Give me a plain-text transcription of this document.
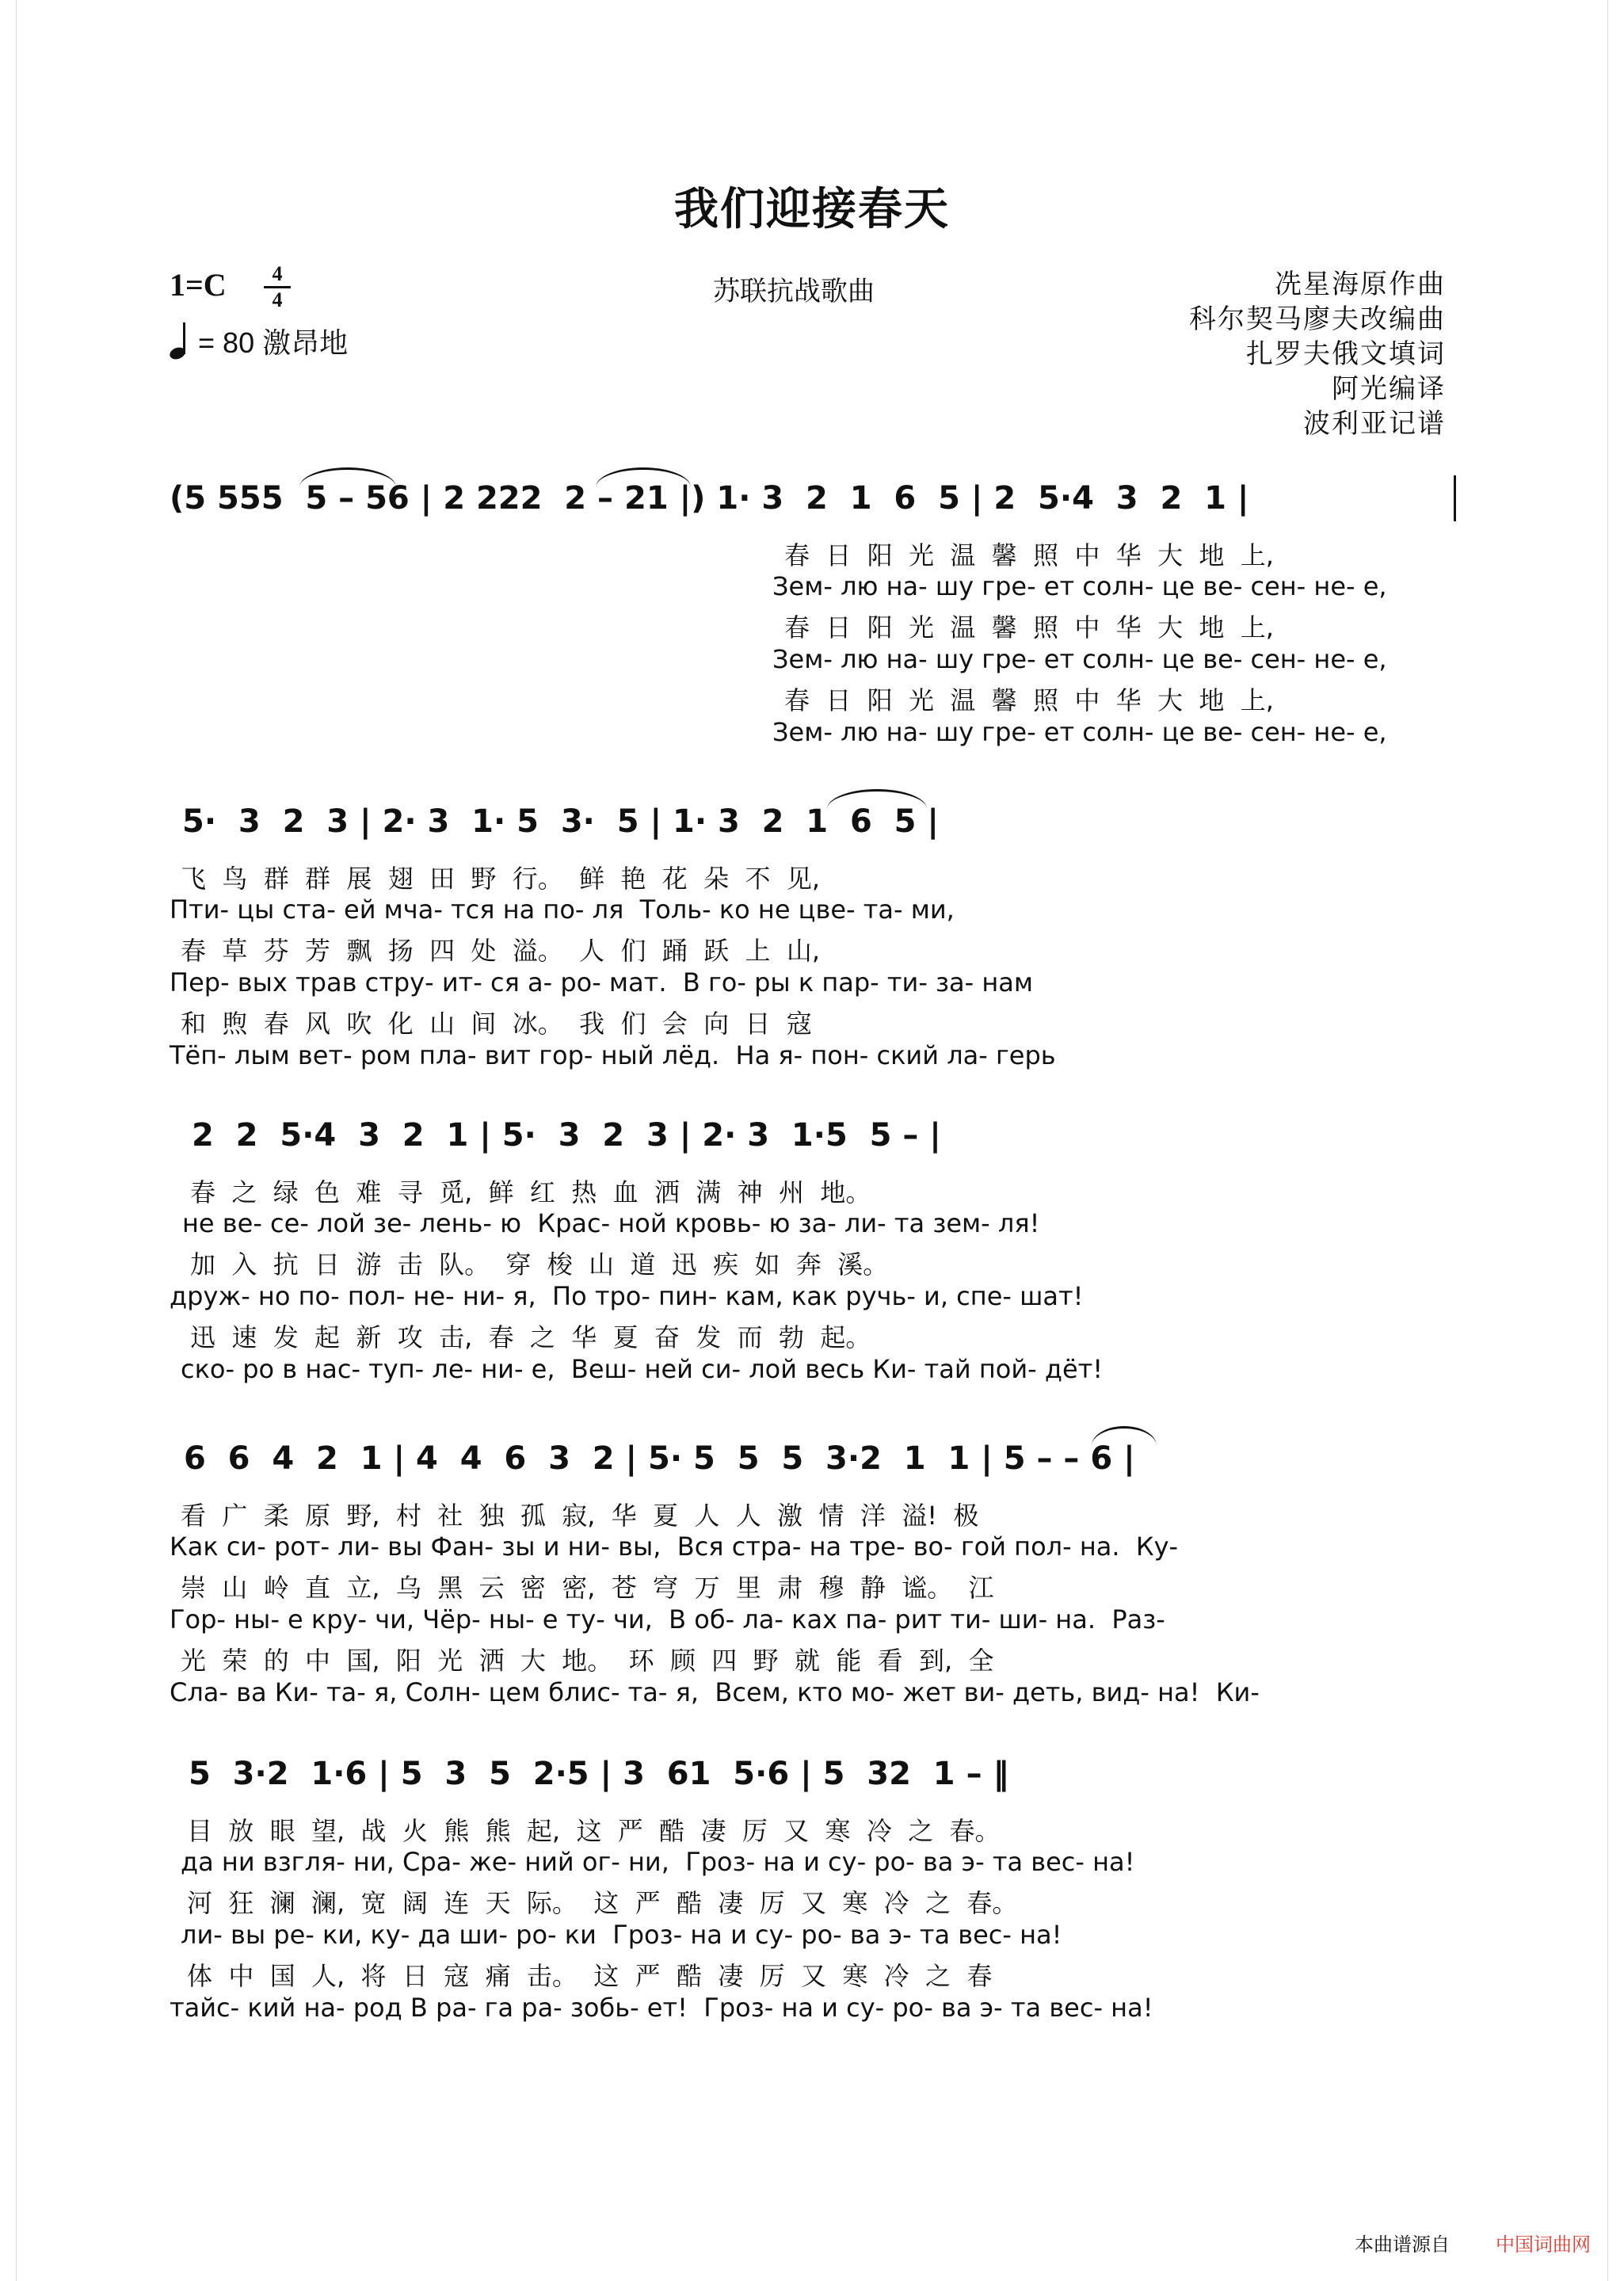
我们迎接春天
1=C	4
4
= 80 激昂地
苏联抗战歌曲	冼星海原作曲
科尔契马廖夫改编曲
扎罗夫俄文填词
阿光编译
波利亚记谱
(5 555  5 – 56 | 2 222  2 – 21 |) 1· 3  2  1  6  5 | 2  5·4  3  2  1 |
春  日  阳  光  温  馨  照  中  华  大  地  上,
Зем- лю на- шу гре- ет солн- це ве- сен- не- е,
春  日  阳  光  温  馨  照  中  华  大  地  上,
Зем- лю на- шу гре- ет солн- це ве- сен- не- е,
春  日  阳  光  温  馨  照  中  华  大  地  上,
Зем- лю на- шу гре- ет солн- це ве- сен- не- е,
5·  3  2  3 | 2· 3  1· 5  3·  5 | 1· 3  2  1  6  5 |
飞  鸟  群  群  展  翅  田  野  行。  鲜  艳  花  朵  不  见,
Пти- цы ста- ей мча- тся на по- ля  Толь- ко не цве- та- ми,
春  草  芬  芳  飘  扬  四  处  溢。  人  们  踊  跃  上  山,
Пер- вых трав стру- ит- ся а- ро- мат.  В го- ры к пар- ти- за- нам
和  煦  春  风  吹  化  山  间  冰。  我  们  会  向  日  寇
Тёп- лым вет- ром пла- вит гор- ный лёд.  На я- пон- ский ла- герь
2  2  5·4  3  2  1 | 5·  3  2  3 | 2· 3  1·5  5 – |
春  之  绿  色  难  寻  觅,  鲜  红  热  血  洒  满  神  州  地。
не ве- се- лой зе- лень- ю  Крас- ной кровь- ю за- ли- та зем- ля!
加  入  抗  日  游  击  队。  穿  梭  山  道  迅  疾  如  奔  溪。
друж- но по- пол- не- ни- я,  По тро- пин- кам, как ручь- и, спе- шат!
迅  速  发  起  新  攻  击,  春  之  华  夏  奋  发  而  勃  起。
ско- ро в нас- туп- ле- ни- е,  Веш- ней си- лой весь Ки- тай пой- дёт!
6  6  4  2  1 | 4  4  6  3  2 | 5· 5  5  5  3·2  1  1 | 5 – – 6 |
看  广  柔  原  野,  村  社  独  孤  寂,  华  夏  人  人  激  情  洋  溢!  极
Как си- рот- ли- вы Фан- зы и ни- вы,  Вся стра- на тре- во- гой пол- на.  Ку-
崇  山  岭  直  立,  乌  黑  云  密  密,  苍  穹  万  里  肃  穆  静  谧。  江
Гор- ны- е кру- чи, Чёр- ны- е ту- чи,  В об- ла- ках па- рит ти- ши- на.  Раз-
光  荣  的  中  国,  阳  光  洒  大  地。  环  顾  四  野  就  能  看  到,  全
Сла- ва Ки- та- я, Солн- цем блис- та- я,  Всем, кто мо- жет ви- деть, вид- на!  Ки-
5  3·2  1·6 | 5  3  5  2·5 | 3  61  5·6 | 5  32  1 – ‖
目  放  眼  望,  战  火  熊  熊  起,  这  严  酷  凄  厉  又  寒  冷  之  春。
да ни взгля- ни, Сра- же- ний ог- ни,  Гроз- на и су- ро- ва э- та вес- на!
河  狂  澜  澜,  宽  阔  连  天  际。  这  严  酷  凄  厉  又  寒  冷  之  春。
ли- вы ре- ки, ку- да ши- ро- ки  Гроз- на и су- ро- ва э- та вес- на!
体  中  国  人,  将  日  寇  痛  击。  这  严  酷  凄  厉  又  寒  冷  之  春
тайс- кий на- род В ра- га ра- зобь- ет!  Гроз- на и су- ро- ва э- та вес- на!
本曲谱源自 中国词曲网
